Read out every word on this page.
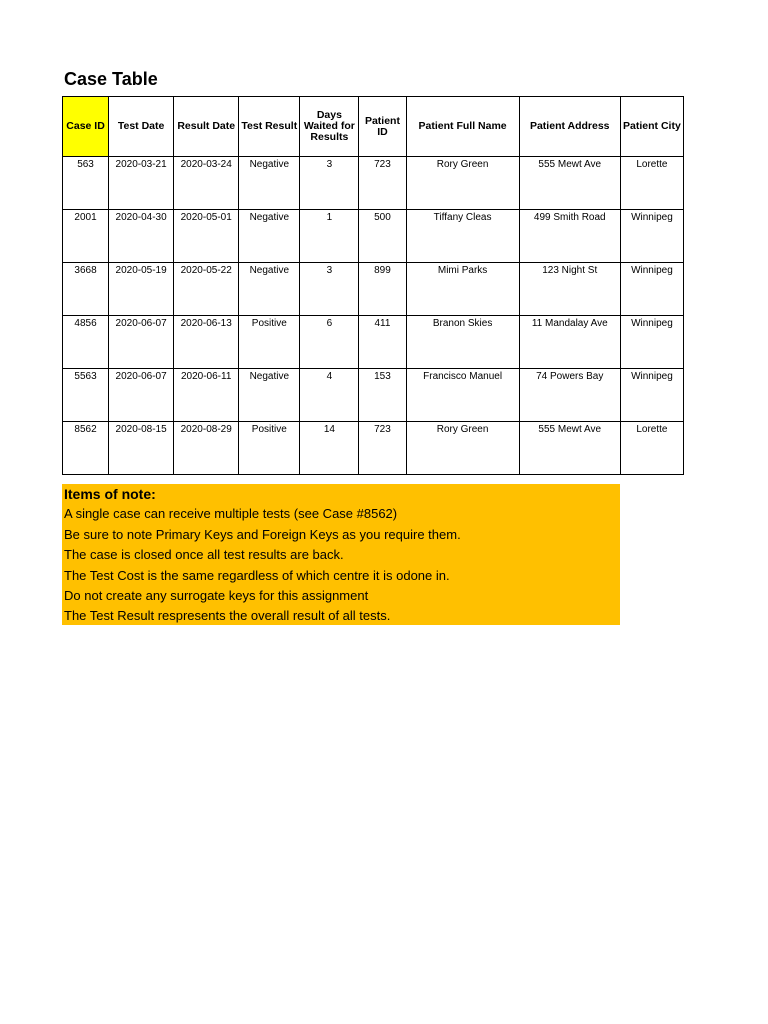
Case Table
Case ID	Test Date	Result Date	Test Result	Days Waited for Results	Patient ID	Patient Full Name	Patient Address	Patient City
563	2020-03-21	2020-03-24	Negative	3	723	Rory Green	555 Mewt Ave	Lorette
2001	2020-04-30	2020-05-01	Negative	1	500	Tiffany Cleas	499 Smith Road	Winnipeg
3668	2020-05-19	2020-05-22	Negative	3	899	Mimi Parks	123 Night St	Winnipeg
4856	2020-06-07	2020-06-13	Positive	6	411	Branon Skies	11 Mandalay Ave	Winnipeg
5563	2020-06-07	2020-06-11	Negative	4	153	Francisco Manuel	74 Powers Bay	Winnipeg
8562	2020-08-15	2020-08-29	Positive	14	723	Rory Green	555 Mewt Ave	Lorette
Items of note:
A single case can receive multiple tests (see Case #8562)
Be sure to note Primary Keys and Foreign Keys as you require them.
The case is closed once all test results are back.
The Test Cost is the same regardless of which centre it is odone in.
Do not create any surrogate keys for this assignment
The Test Result respresents the overall result of all tests.
